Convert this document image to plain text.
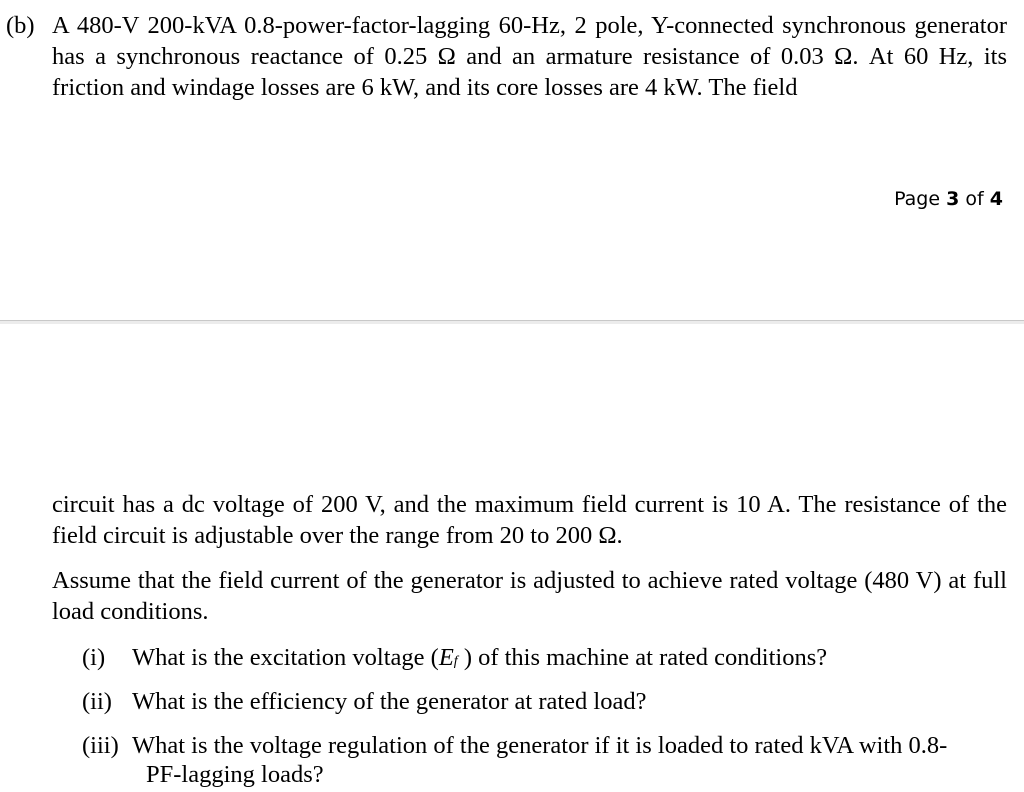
(b) A 480-V 200-kVA 0.8-power-factor-lagging 60-Hz, 2 pole, Y-connected synchronous generator has a synchronous reactance of 0.25 Ω and an armature resistance of 0.03 Ω. At 60 Hz, its friction and windage losses are 6 kW, and its core losses are 4 kW. The field
Page 3 of 4
circuit has a dc voltage of 200 V, and the maximum field current is 10 A. The resistance of the field circuit is adjustable over the range from 20 to 200 Ω.
Assume that the field current of the generator is adjusted to achieve rated voltage (480 V) at full load conditions.
(i) What is the excitation voltage (Ef ) of this machine at rated conditions?
(ii) What is the efficiency of the generator at rated load?
(iii) What is the voltage regulation of the generator if it is loaded to rated kVA with 0.8-
PF-lagging loads?
